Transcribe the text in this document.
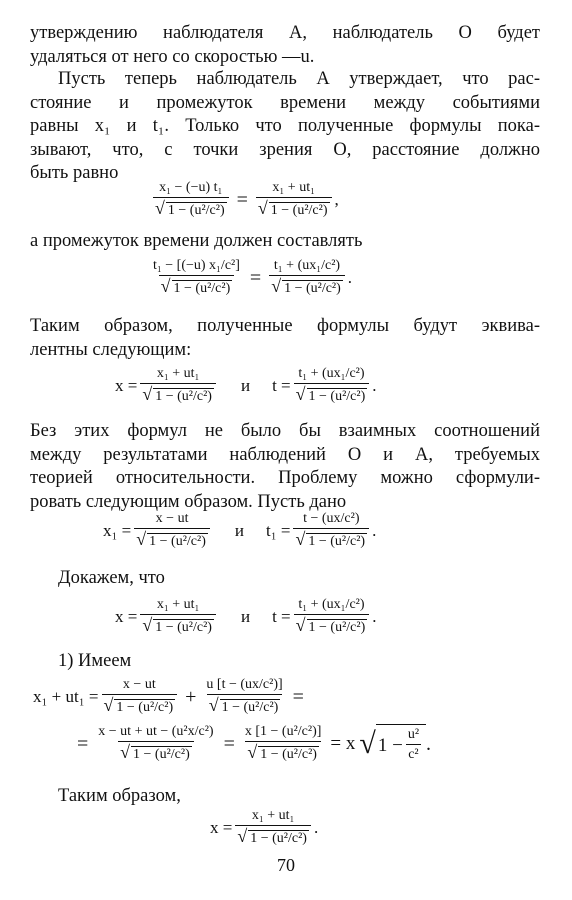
утверждению наблюдателя А, наблюдатель О будет
удаляться от него со скоростью —u.
Пусть теперь наблюдатель А утверждает, что рас-
стояние и промежуток времени между событиями
равны x₁ и t₁. Только что полученные формулы пока-
зывают, что, с точки зрения О, расстояние должно
быть равно
$\frac{\text{x₁ − (−u) t₁}}{\text{√ 1 − (u²/c²)}} = \frac{\text{x₁ + ut₁}}{\text{√ 1 − (u²/c²)}}$ ,
а промежуток времени должен составлять
$\frac{\text{t₁ − [(−u) x₁/c²]}}{\text{√ 1 − (u²/c²)}} = \frac{\text{t₁ + (ux₁/c²)}}{\text{√ 1 − (u²/c²)}}$ .
Таким образом, полученные формулы будут эквива-
лентны следующим:
$x = \frac{\text{x₁ + ut₁}}{\text{√ 1 − (u²/c²)}}$ и $t = \frac{\text{t₁ + (ux₁/c²)}}{\text{√ 1 − (u²/c²)}}$ .
Без этих формул не было бы взаимных соотношений
между результатами наблюдений О и А, требуемых
теорией относительности. Проблему можно сформули-
ровать следующим образом. Пусть дано
$x_1 = \frac{x - ut}{\text{√ 1 − (u²/c²)}}$ и $t_1 = \frac{\text{t − (ux/c²)}}{\text{√ 1 − (u²/c²)}}$ .
Докажем, что
$x = \frac{\text{x₁ + ut₁}}{\text{√ 1 − (u²/c²)}}$ и $t = \frac{\text{t₁ + (ux₁/c²)}}{\text{√ 1 − (u²/c²)}}$ .
1) Имеем
$x_1 + ut_1 = \frac{x - ut}{\text{√ 1 − (u²/c²)}} + \frac{\text{u [t − (ux/c²)]}}{\text{√ 1 − (u²/c²)}}$ =
= $\frac{\text{x − ut + ut − (u²x/c²)}}{\text{√ 1 − (u²/c²)}} = \frac{\text{x [1 − (u²/c²)]}}{\text{√ 1 − (u²/c²)}} = x$ √ $1 - \frac{\text{u²}}{\text{c²}}$ .
Таким образом,
$x = \frac{\text{x₁ + ut₁}}{\text{√ 1 − (u²/c²)}}$ .
70
